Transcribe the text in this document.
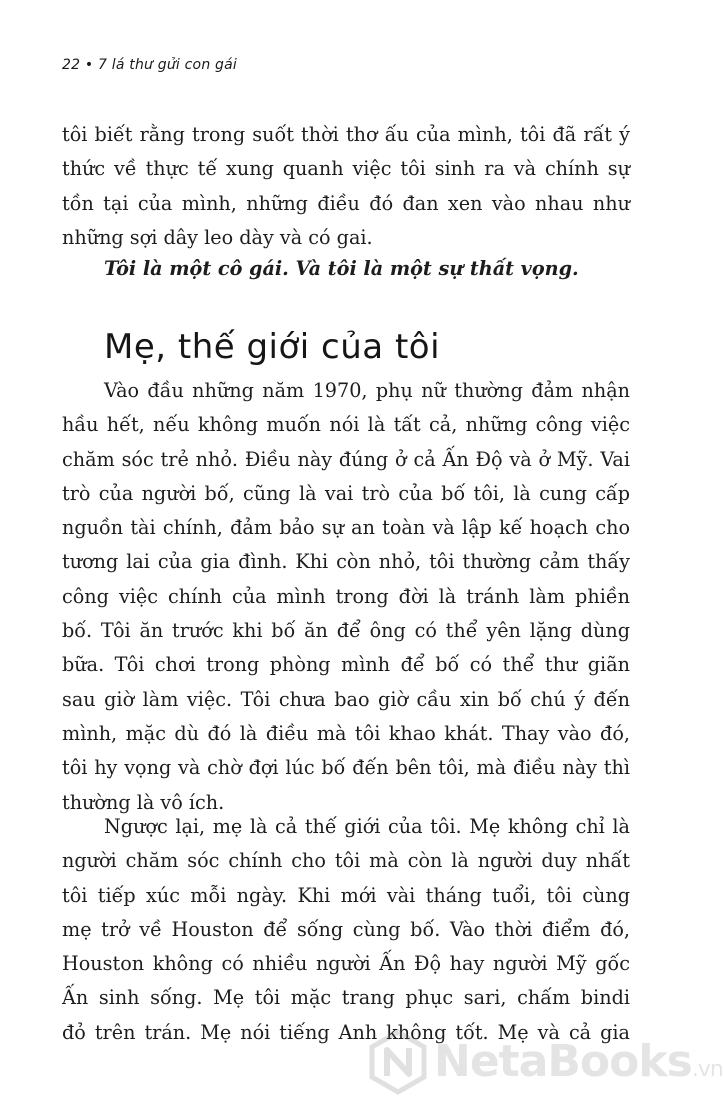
22 • 7 lá thư gửi con gái
tôi biết rằng trong suốt thời thơ ấu của mình, tôi đã rất ý
thức về thực tế xung quanh việc tôi sinh ra và chính sự
tồn tại của mình, những điều đó đan xen vào nhau như
những sợi dây leo dày và có gai.
Tôi là một cô gái. Và tôi là một sự thất vọng.
Mẹ, thế giới của tôi
Vào đầu những năm 1970, phụ nữ thường đảm nhận
hầu hết, nếu không muốn nói là tất cả, những công việc
chăm sóc trẻ nhỏ. Điều này đúng ở cả Ấn Độ và ở Mỹ. Vai
trò của người bố, cũng là vai trò của bố tôi, là cung cấp
nguồn tài chính, đảm bảo sự an toàn và lập kế hoạch cho
tương lai của gia đình. Khi còn nhỏ, tôi thường cảm thấy
công việc chính của mình trong đời là tránh làm phiền
bố. Tôi ăn trước khi bố ăn để ông có thể yên lặng dùng
bữa. Tôi chơi trong phòng mình để bố có thể thư giãn
sau giờ làm việc. Tôi chưa bao giờ cầu xin bố chú ý đến
mình, mặc dù đó là điều mà tôi khao khát. Thay vào đó,
tôi hy vọng và chờ đợi lúc bố đến bên tôi, mà điều này thì
thường là vô ích.
Ngược lại, mẹ là cả thế giới của tôi. Mẹ không chỉ là
người chăm sóc chính cho tôi mà còn là người duy nhất
tôi tiếp xúc mỗi ngày. Khi mới vài tháng tuổi, tôi cùng
mẹ trở về Houston để sống cùng bố. Vào thời điểm đó,
Houston không có nhiều người Ấn Độ hay người Mỹ gốc
Ấn sinh sống. Mẹ tôi mặc trang phục sari, chấm bindi
đỏ trên trán. Mẹ nói tiếng Anh không tốt. Mẹ và cả gia
NetaBooks.vn
